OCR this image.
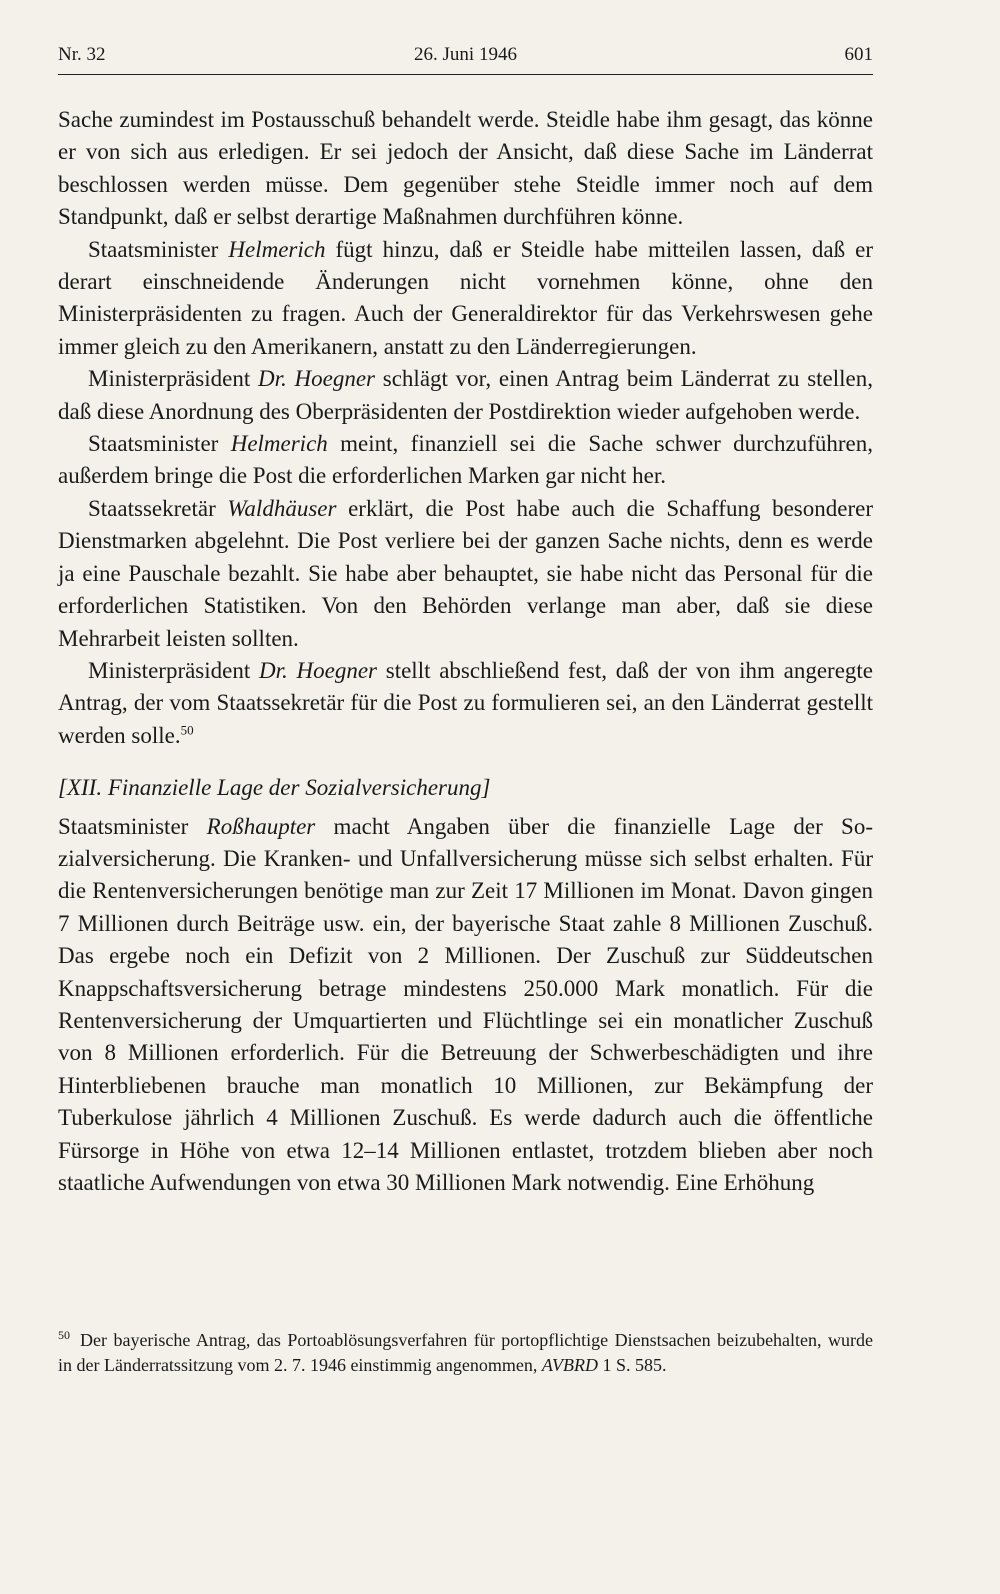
Nr. 32	26. Juni 1946	601

Sache zumindest im Postausschuß behandelt werde. Steidle habe ihm gesagt, das könne er von sich aus erledigen. Er sei jedoch der Ansicht, daß diese Sache im Länderrat beschlossen werden müsse. Dem gegenüber stehe Steidle immer noch auf dem Standpunkt, daß er selbst derartige Maßnahmen durchführen könne.

Staatsminister Helmerich fügt hinzu, daß er Steidle habe mitteilen lassen, daß er derart einschneidende Änderungen nicht vornehmen könne, ohne den Ministerpräsidenten zu fragen. Auch der Generaldirektor für das Verkehrswesen gehe immer gleich zu den Amerikanern, anstatt zu den Länderregierungen.

Ministerpräsident Dr. Hoegner schlägt vor, einen Antrag beim Länderrat zu stellen, daß diese Anordnung des Oberpräsidenten der Postdirektion wieder aufgehoben werde.

Staatsminister Helmerich meint, finanziell sei die Sache schwer durchzuführen, außerdem bringe die Post die erforderlichen Marken gar nicht her.

Staatssekretär Waldhäuser erklärt, die Post habe auch die Schaffung besonderer Dienstmarken abgelehnt. Die Post verliere bei der ganzen Sache nichts, denn es werde ja eine Pauschale bezahlt. Sie habe aber behauptet, sie habe nicht das Personal für die erforderlichen Statistiken. Von den Behörden verlange man aber, daß sie diese Mehrarbeit leisten sollten.

Ministerpräsident Dr. Hoegner stellt abschließend fest, daß der von ihm angeregte Antrag, der vom Staatssekretär für die Post zu formulieren sei, an den Länderrat gestellt werden solle.$^{50}$

[XII. Finanzielle Lage der Sozialversicherung]

Staatsminister Roßhaupter macht Angaben über die finanzielle Lage der Sozialversicherung. Die Kranken- und Unfallversicherung müsse sich selbst erhalten. Für die Rentenversicherungen benötige man zur Zeit 17 Millionen im Monat. Davon gingen 7 Millionen durch Beiträge usw. ein, der bayerische Staat zahle 8 Millionen Zuschuß. Das ergebe noch ein Defizit von 2 Millionen. Der Zuschuß zur Süddeutschen Knappschaftsversicherung betrage mindestens 250.000 Mark monatlich. Für die Rentenversicherung der Umquartierten und Flüchtlinge sei ein monatlicher Zuschuß von 8 Millionen erforderlich. Für die Betreuung der Schwerbeschädigten und ihre Hinterbliebenen brauche man monatlich 10 Millionen, zur Bekämpfung der Tuberkulose jährlich 4 Millionen Zuschuß. Es werde dadurch auch die öffentliche Fürsorge in Höhe von etwa 12–14 Millionen entlastet, trotzdem blieben aber noch staatliche Aufwendungen von etwa 30 Millionen Mark notwendig. Eine Erhöhung

$^{50}$ Der bayerische Antrag, das Portoablösungsverfahren für portopflichtige Dienstsachen beizubehalten, wurde in der Länderratssitzung vom 2. 7. 1946 einstimmig angenommen, AVBRD 1 S. 585.
